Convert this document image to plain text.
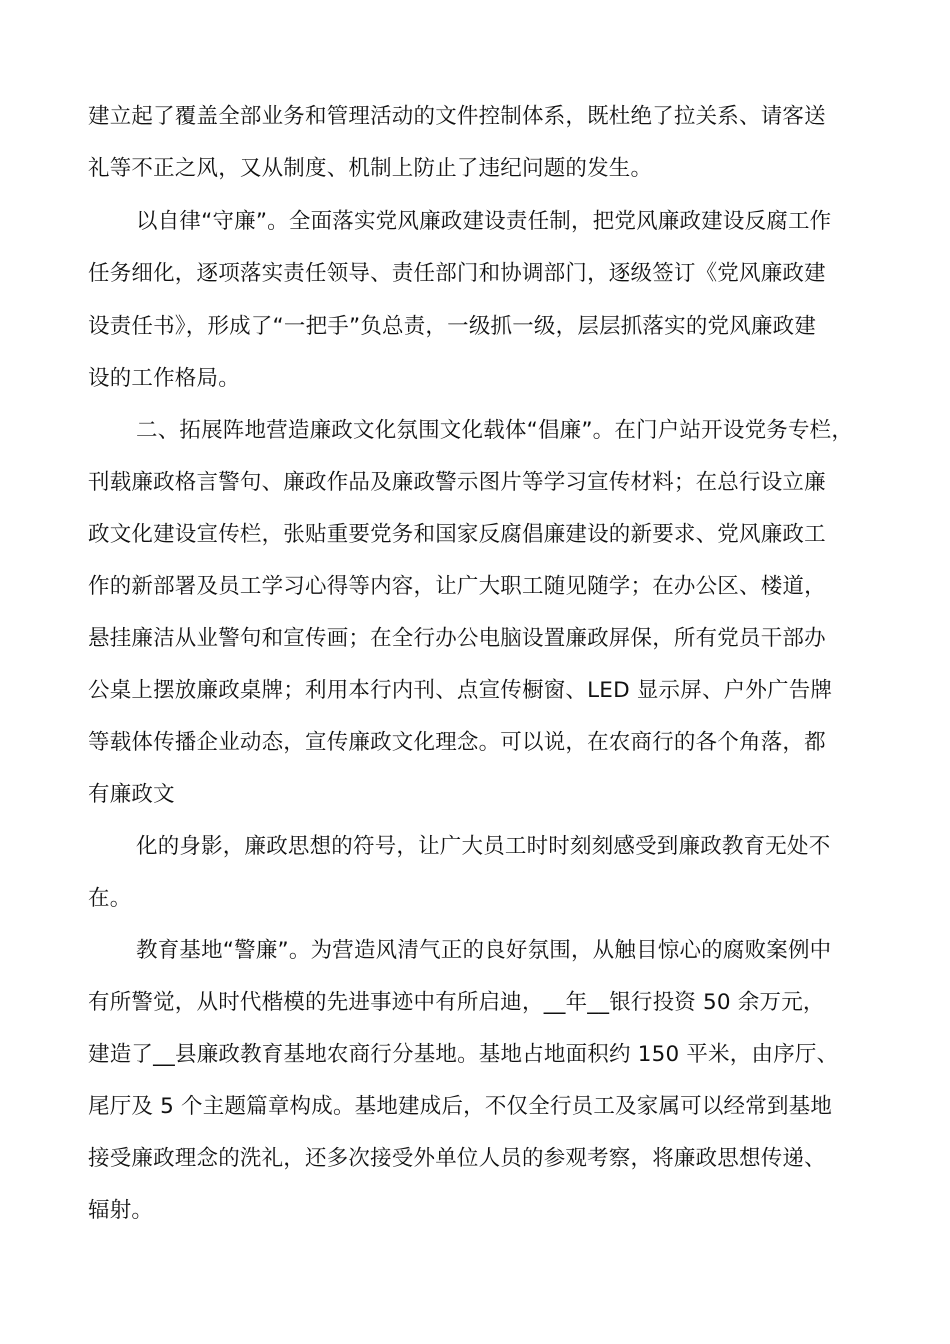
建立起了覆盖全部业务和管理活动的文件控制体系，既杜绝了拉关系、请客送
礼等不正之风，又从制度、机制上防止了违纪问题的发生。
以自律“守廉”。全面落实党风廉政建设责任制，把党风廉政建设反腐工作
任务细化，逐项落实责任领导、责任部门和协调部门，逐级签订《党风廉政建
设责任书》，形成了“一把手”负总责，一级抓一级，层层抓落实的党风廉政建
设的工作格局。
二、拓展阵地营造廉政文化氛围文化载体“倡廉”。在门户站开设党务专栏，
刊载廉政格言警句、廉政作品及廉政警示图片等学习宣传材料；在总行设立廉
政文化建设宣传栏，张贴重要党务和国家反腐倡廉建设的新要求、党风廉政工
作的新部署及员工学习心得等内容，让广大职工随见随学；在办公区、楼道，
悬挂廉洁从业警句和宣传画；在全行办公电脑设置廉政屏保，所有党员干部办
公桌上摆放廉政桌牌；利用本行内刊、点宣传橱窗、LED 显示屏、户外广告牌
等载体传播企业动态，宣传廉政文化理念。可以说，在农商行的各个角落，都
有廉政文
化的身影，廉政思想的符号，让广大员工时时刻刻感受到廉政教育无处不
在。
教育基地“警廉”。为营造风清气正的良好氛围，从触目惊心的腐败案例中
有所警觉，从时代楷模的先进事迹中有所启迪，__年__银行投资 50 余万元，
建造了__县廉政教育基地农商行分基地。基地占地面积约 150 平米，由序厅、
尾厅及 5 个主题篇章构成。基地建成后，不仅全行员工及家属可以经常到基地
接受廉政理念的洗礼，还多次接受外单位人员的参观考察，将廉政思想传递、
辐射。
